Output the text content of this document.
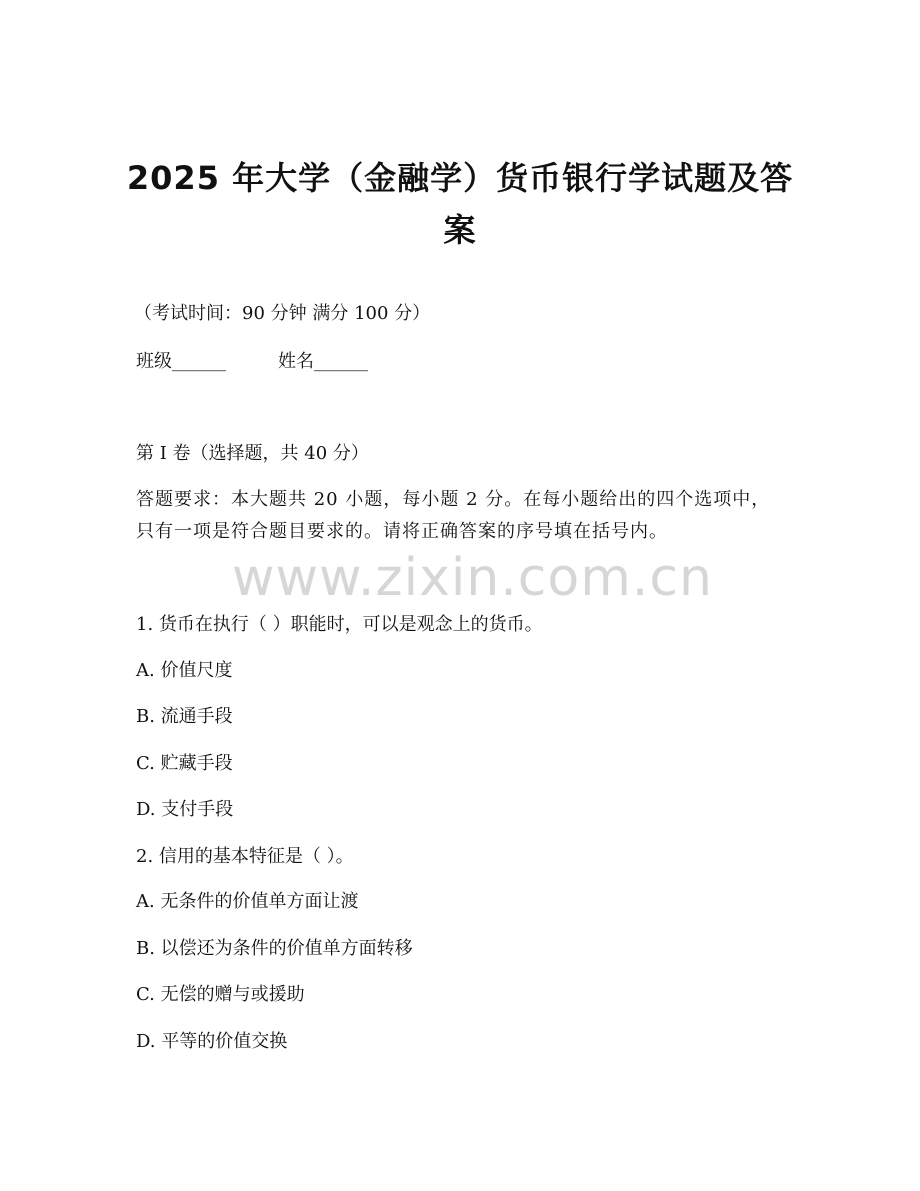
2025 年大学（金融学）货币银行学试题及答案
（考试时间：90 分钟 满分 100 分）
班级______	姓名______
第 I 卷（选择题，共 40 分）
答题要求：本大题共 20 小题，每小题 2 分。在每小题给出的四个选项中，只有一项是符合题目要求的。请将正确答案的序号填在括号内。
www.zixin.com.cn
1. 货币在执行（ ）职能时，可以是观念上的货币。
A. 价值尺度
B. 流通手段
C. 贮藏手段
D. 支付手段
2. 信用的基本特征是（ ）。
A. 无条件的价值单方面让渡
B. 以偿还为条件的价值单方面转移
C. 无偿的赠与或援助
D. 平等的价值交换
